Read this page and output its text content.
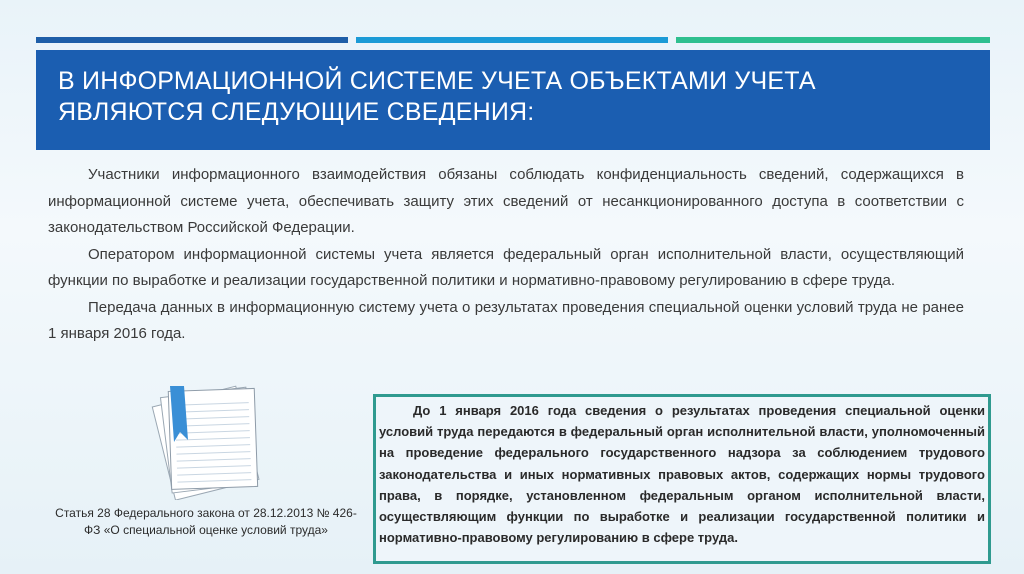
В ИНФОРМАЦИОННОЙ СИСТЕМЕ УЧЕТА ОБЪЕКТАМИ УЧЕТА ЯВЛЯЮТСЯ СЛЕДУЮЩИЕ СВЕДЕНИЯ:

Участники информационного взаимодействия обязаны соблюдать конфиденциальность сведений, содержащихся в информационной системе учета, обеспечивать защиту этих сведений от несанкционированного доступа в соответствии с законодательством Российской Федерации.

Оператором информационной системы учета является федеральный орган исполнительной власти, осуществляющий функции по выработке и реализации государственной политики и нормативно-правовому регулированию в сфере труда.

Передача данных в информационную систему учета о результатах проведения специальной оценки условий труда не ранее 1 января 2016 года.

Статья 28 Федерального закона от 28.12.2013 № 426-ФЗ «О специальной оценке условий труда»

До 1 января 2016 года сведения о результатах проведения специальной оценки условий труда передаются в федеральный орган исполнительной власти, уполномоченный на проведение федерального государственного надзора за соблюдением трудового законодательства и иных нормативных правовых актов, содержащих нормы трудового права, в порядке, установленном федеральным органом исполнительной власти, осуществляющим функции по выработке и реализации государственной политики и нормативно-правовому регулированию в сфере труда.
